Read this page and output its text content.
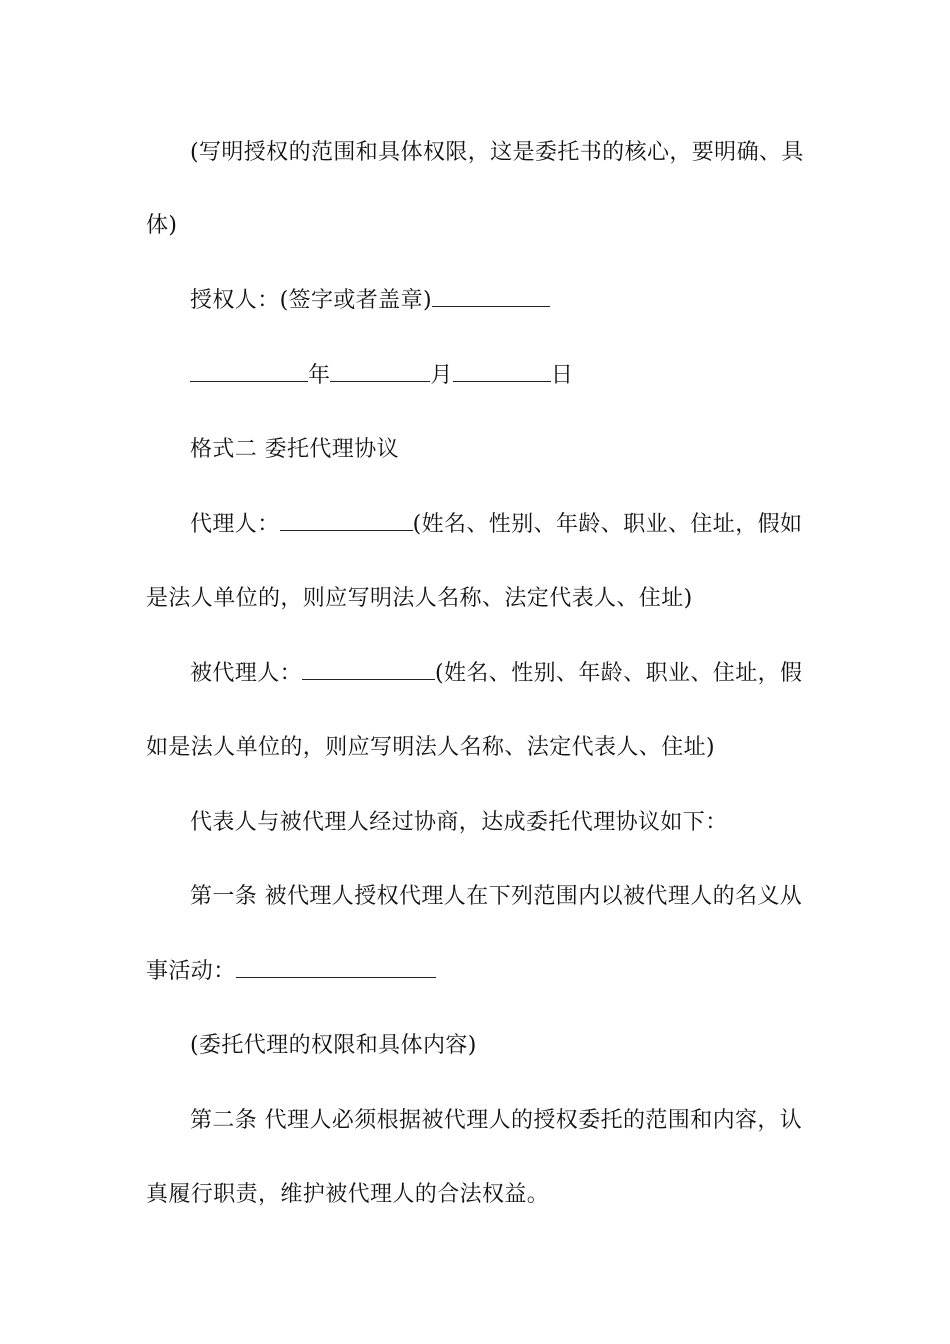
(写明授权的范围和具体权限，这是委托书的核心，要明确、具
体)
授权人：(签字或者盖章)
年	月	日
格式二 委托代理协议
代理人：	(姓名、性别、年龄、职业、住址，假如
是法人单位的，则应写明法人名称、法定代表人、住址)
被代理人：	(姓名、性别、年龄、职业、住址，假
如是法人单位的，则应写明法人名称、法定代表人、住址)
代表人与被代理人经过协商，达成委托代理协议如下：
第一条 被代理人授权代理人在下列范围内以被代理人的名义从
事活动：
(委托代理的权限和具体内容)
第二条 代理人必须根据被代理人的授权委托的范围和内容，认
真履行职责，维护被代理人的合法权益。
